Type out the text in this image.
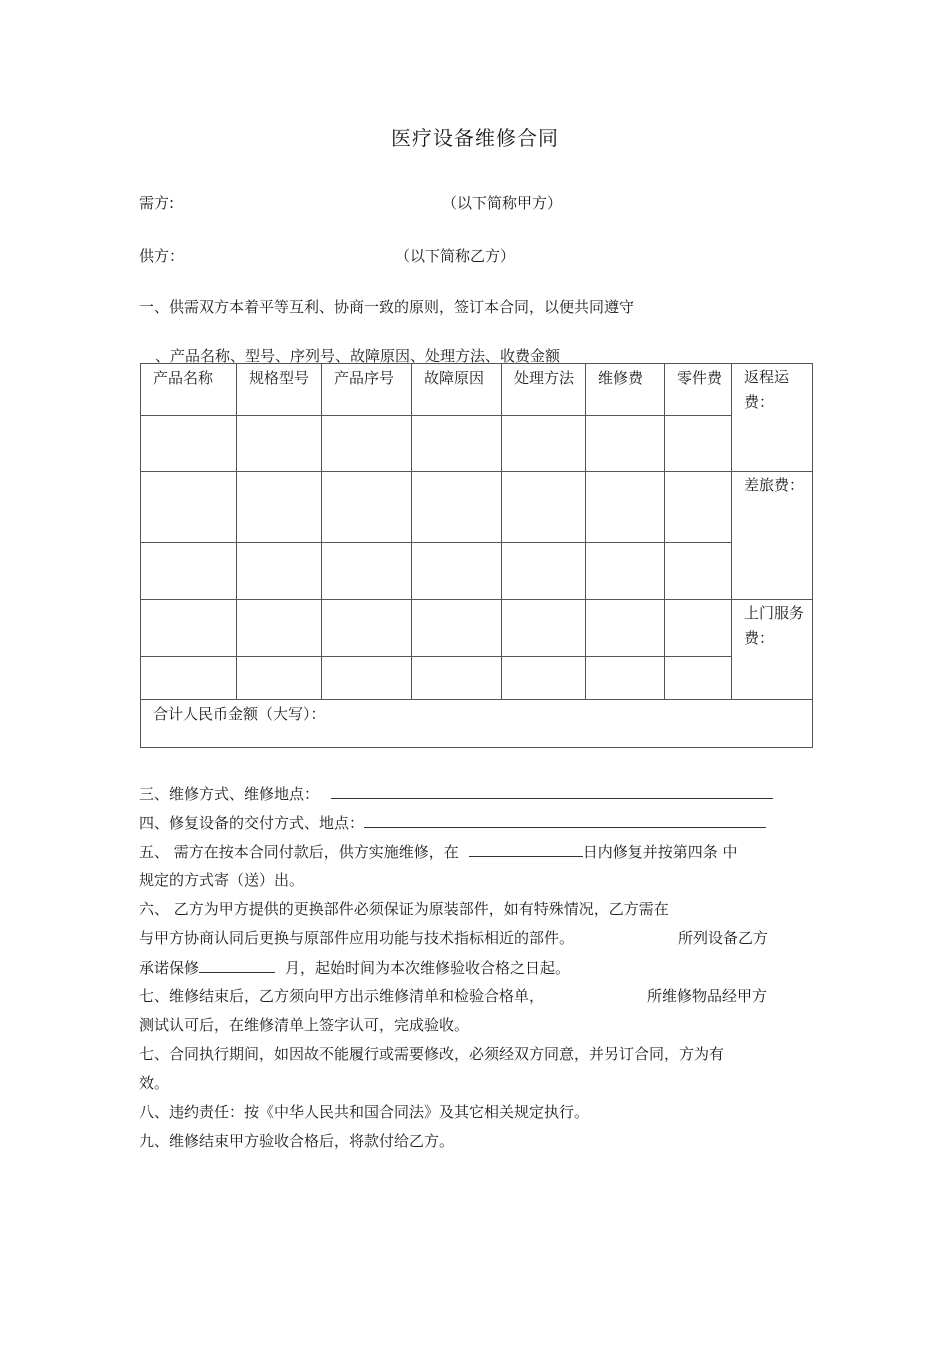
医疗设备维修合同
需方:	（以下简称甲方）
供方：	（以下简称乙方）
一、供需双方本着平等互利、协商一致的原则，签订本合同，以便共同遵守
、产品名称、型号、序列号、故障原因、处理方法、收费金额
产品名称	规格型号	产品序号	故障原因	处理方法	维修费	零件费	返程运费：

							差旅费：

							上门服务费：

合计人民币金额（大写）：							
三、维修方式、维修地点：
四、修复设备的交付方式、地点：
五、 需方在按本合同付款后，供方实施维修，在	日内修复并按第四条 中
规定的方式寄（送）出。
六、 乙方为甲方提供的更换部件必须保证为原装部件，如有特殊情况，乙方需在
与甲方协商认同后更换与原部件应用功能与技术指标相近的部件。	所列设备乙方
承诺保修	月，起始时间为本次维修验收合格之日起。
七、维修结束后，乙方须向甲方出示维修清单和检验合格单，	所维修物品经甲方
测试认可后，在维修清单上签字认可，完成验收。
七、合同执行期间，如因故不能履行或需要修改，必须经双方同意，并另订合同，方为有
效。
八、违约责任：按《中华人民共和国合同法》及其它相关规定执行。
九、维修结束甲方验收合格后，将款付给乙方。
